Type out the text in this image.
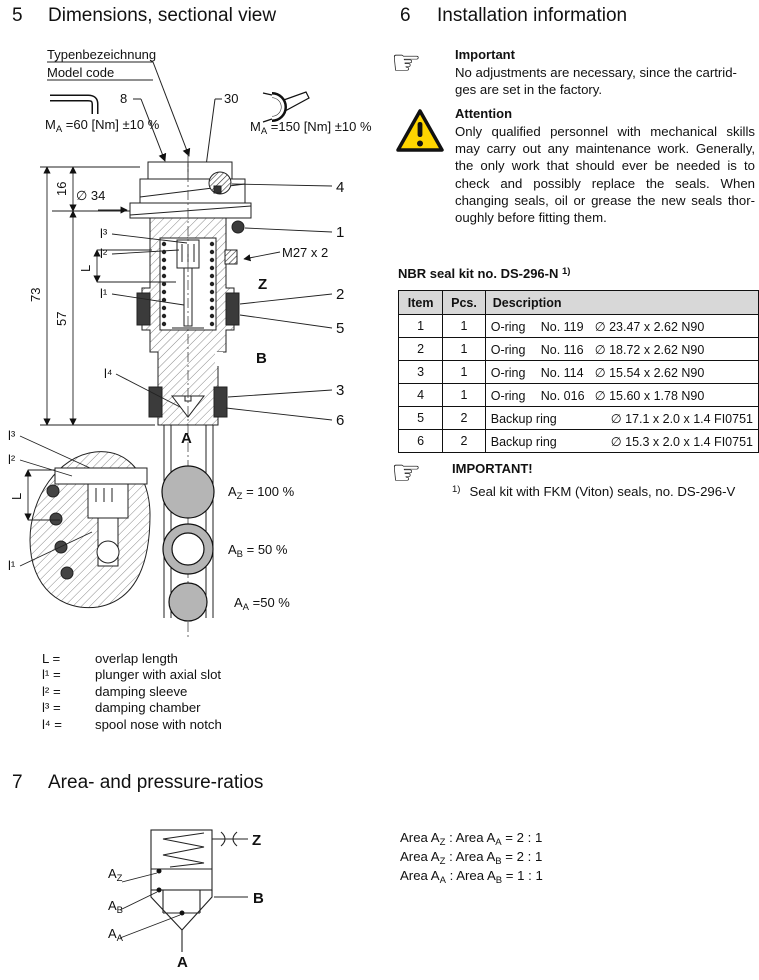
8
$M_A =60$ [Nm] ±10 %
30
$M_A =150$ [Nm] ±10 %
16
73
57
∅ 34
L
M27 x 2
l³
l²
l¹
l⁴
4
1
2
5
3
6
Z
B
A
$A_Z = 100$ %
$A_B = 50$ %
$A_A =50$ %
l³
l²
L
l¹
Z
B
A
$A_Z$
$A_B$
$A_A$
5 Dimensions, sectional view	6 Installation information
7 Area- and pressure-ratios
Typenbezeichnung
Model code
L =	overlap length
l¹ =	plunger with axial slot
l² =	damping sleeve
l³ =	damping chamber
l⁴ =	spool nose with notch
☞	Important
No adjustments are necessary, since the cartrid-
ges are set in the factory.
Attention
Only qualified personnel with mechanical skills
may carry out any maintenance work. Generally,
the only work that should ever be needed is to
check and possibly replace the seals. When
changing seals, oil or grease the new seals thor-
oughly before fitting them.
NBR seal kit no. DS-296-N $^{1)}$
Item	Pcs.	Description
1	1	O-ring No. 119 ∅ 23.47 x 2.62 N90
2	1	O-ring No. 116 ∅ 18.72 x 2.62 N90
3	1	O-ring No. 114 ∅ 15.54 x 2.62 N90
4	1	O-ring No. 016 ∅ 15.60 x 1.78 N90
5	2	Backup ring ∅ 17.1 x 2.0 x 1.4 FI0751
6	2	Backup ring ∅ 15.3 x 2.0 x 1.4 FI0751
☞ IMPORTANT!
$^{1)}$ Seal kit with FKM (Viton) seals, no. DS-296-V
Area $A_Z$ : Area $A_A = 2$ : 1
Area $A_Z$ : Area $A_B = 2$ : 1
Area $A_A$ : Area $A_B = 1$ : 1
